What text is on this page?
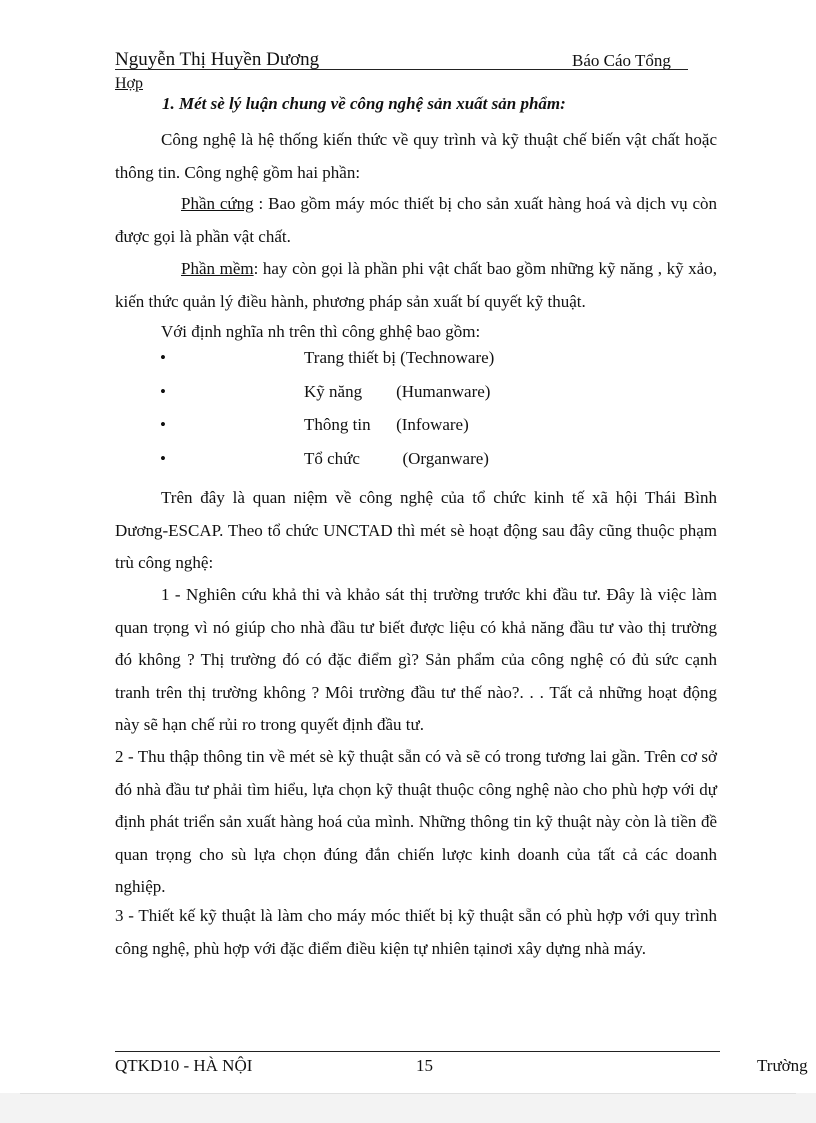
Nguyễn Thị Huyền Dương	Báo Cáo Tổng
Hợp
1. Mét sè lý luận chung về công nghệ sản xuất sản phẩm:

Công nghệ là hệ thống kiến thức về quy trình và kỹ thuật chế biến vật chất hoặc thông tin. Công nghệ gồm hai phần:

Phần cứng : Bao gồm máy móc thiết bị cho sản xuất hàng hoá và dịch vụ còn được gọi là phần vật chất.

Phần mềm: hay còn gọi là phần phi vật chất bao gồm những kỹ năng , kỹ xảo, kiến thức quản lý điều hành, phương pháp sản xuất bí quyết kỹ thuật.

Với định nghĩa nh trên thì công ghhệ bao gồm:

•	Trang thiết bị (Technoware)
•	Kỹ năng        (Humanware)
•	Thông tin      (Infoware)
•	Tổ chức          (Organware)

Trên đây là quan niệm về công nghệ của tổ chức kinh tế xã hội Thái Bình Dương-ESCAP. Theo tổ chức UNCTAD thì mét sè hoạt động sau đây cũng thuộc phạm trù công nghệ:

1 - Nghiên cứu khả thi và khảo sát thị trường trước khi đầu tư. Đây là việc làm quan trọng vì nó giúp cho nhà đầu tư biết được liệu có khả năng đầu tư vào thị trường đó không ? Thị trường đó có đặc điểm gì? Sản phẩm của công nghệ có đủ sức cạnh tranh trên thị trường không ? Môi trường đầu tư thế nào?. . . Tất cả những hoạt động này sẽ hạn chế rủi ro trong quyết định đầu tư.

2 - Thu thập thông tin về mét sè kỹ thuật sẵn có và sẽ có trong tương lai gần. Trên cơ sở đó nhà đầu tư phải tìm hiểu, lựa chọn kỹ thuật thuộc công nghệ nào cho phù hợp với dự định phát triển sản xuất hàng hoá của mình. Những thông tin kỹ thuật này còn là tiền đề quan trọng cho sù lựa chọn đúng đắn chiến lược kinh doanh của tất cả các doanh nghiệp.

3 - Thiết kế kỹ thuật là làm cho máy móc thiết bị kỹ thuật sẵn có phù hợp với quy trình công nghệ, phù hợp với đặc điểm điều kiện tự nhiên tạinơi xây dựng nhà máy.

QTKD10 - HÀ NỘI	15	Trường
